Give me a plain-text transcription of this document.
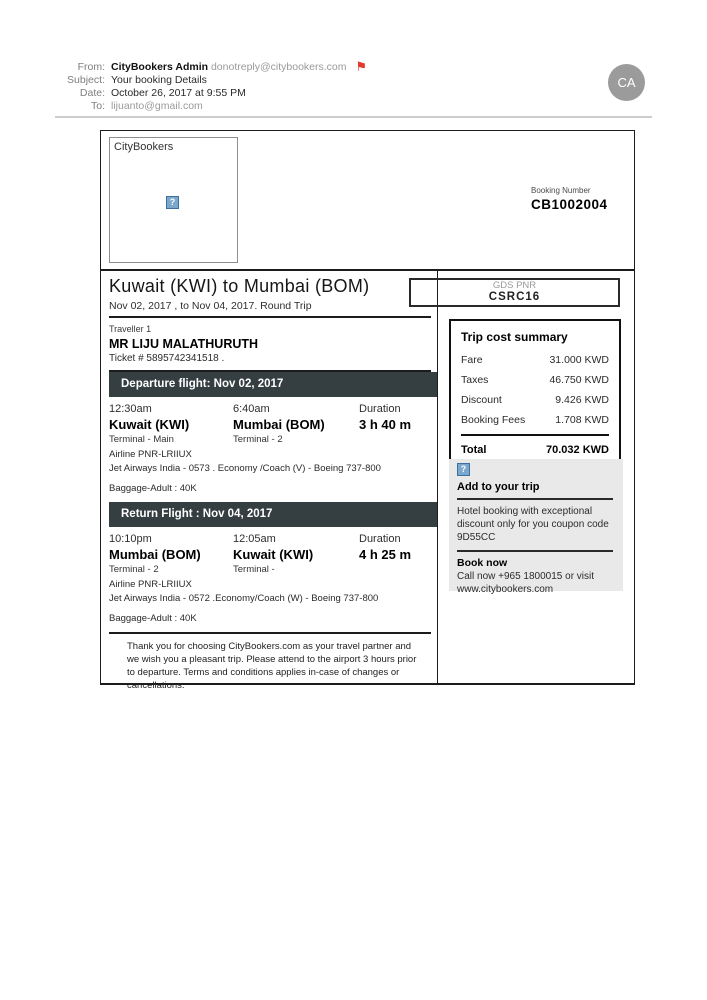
From: CityBookers Admin donotreply@citybookers.com ⚑
Subject: Your booking Details
Date: October 26, 2017 at 9:55 PM
To: lijuanto@gmail.com
CA
CityBookers
?
Booking Number
CB1002004
Kuwait (KWI) to Mumbai (BOM)
Nov 02, 2017 , to Nov 04, 2017. Round Trip
Traveller 1
MR LIJU MALATHURUTH
Ticket # 5895742341518 .
Departure flight: Nov 02, 2017
12:30am
Kuwait (KWI)
Terminal - Main
6:40am
Mumbai (BOM)
Terminal - 2
Duration
3 h 40 m
Airline PNR-LRIIUX
Jet Airways India - 0573 . Economy /Coach (V) - Boeing 737-800
Baggage-Adult : 40K
Return Flight : Nov 04, 2017
10:10pm
Mumbai (BOM)
Terminal - 2
12:05am
Kuwait (KWI)
Terminal -
Duration
4 h 25 m
Airline PNR-LRIIUX
Jet Airways India - 0572 .Economy/Coach (W) - Boeing 737-800
Baggage-Adult : 40K
Thank you for choosing CityBookers.com as your travel partner and we wish you a pleasant trip. Please attend to the airport 3 hours prior to departure. Terms and conditions applies in-case of changes or cancellations.
GDS PNR
CSRC16
Trip cost summary
Fare	31.000 KWD
Taxes	46.750 KWD
Discount	9.426 KWD
Booking Fees	1.708 KWD
Total	70.032 KWD
?
Add to your trip
Hotel booking with exceptional discount only for you coupon code 9D55CC
Book now
Call now +965 1800015 or visit www.citybookers.com
